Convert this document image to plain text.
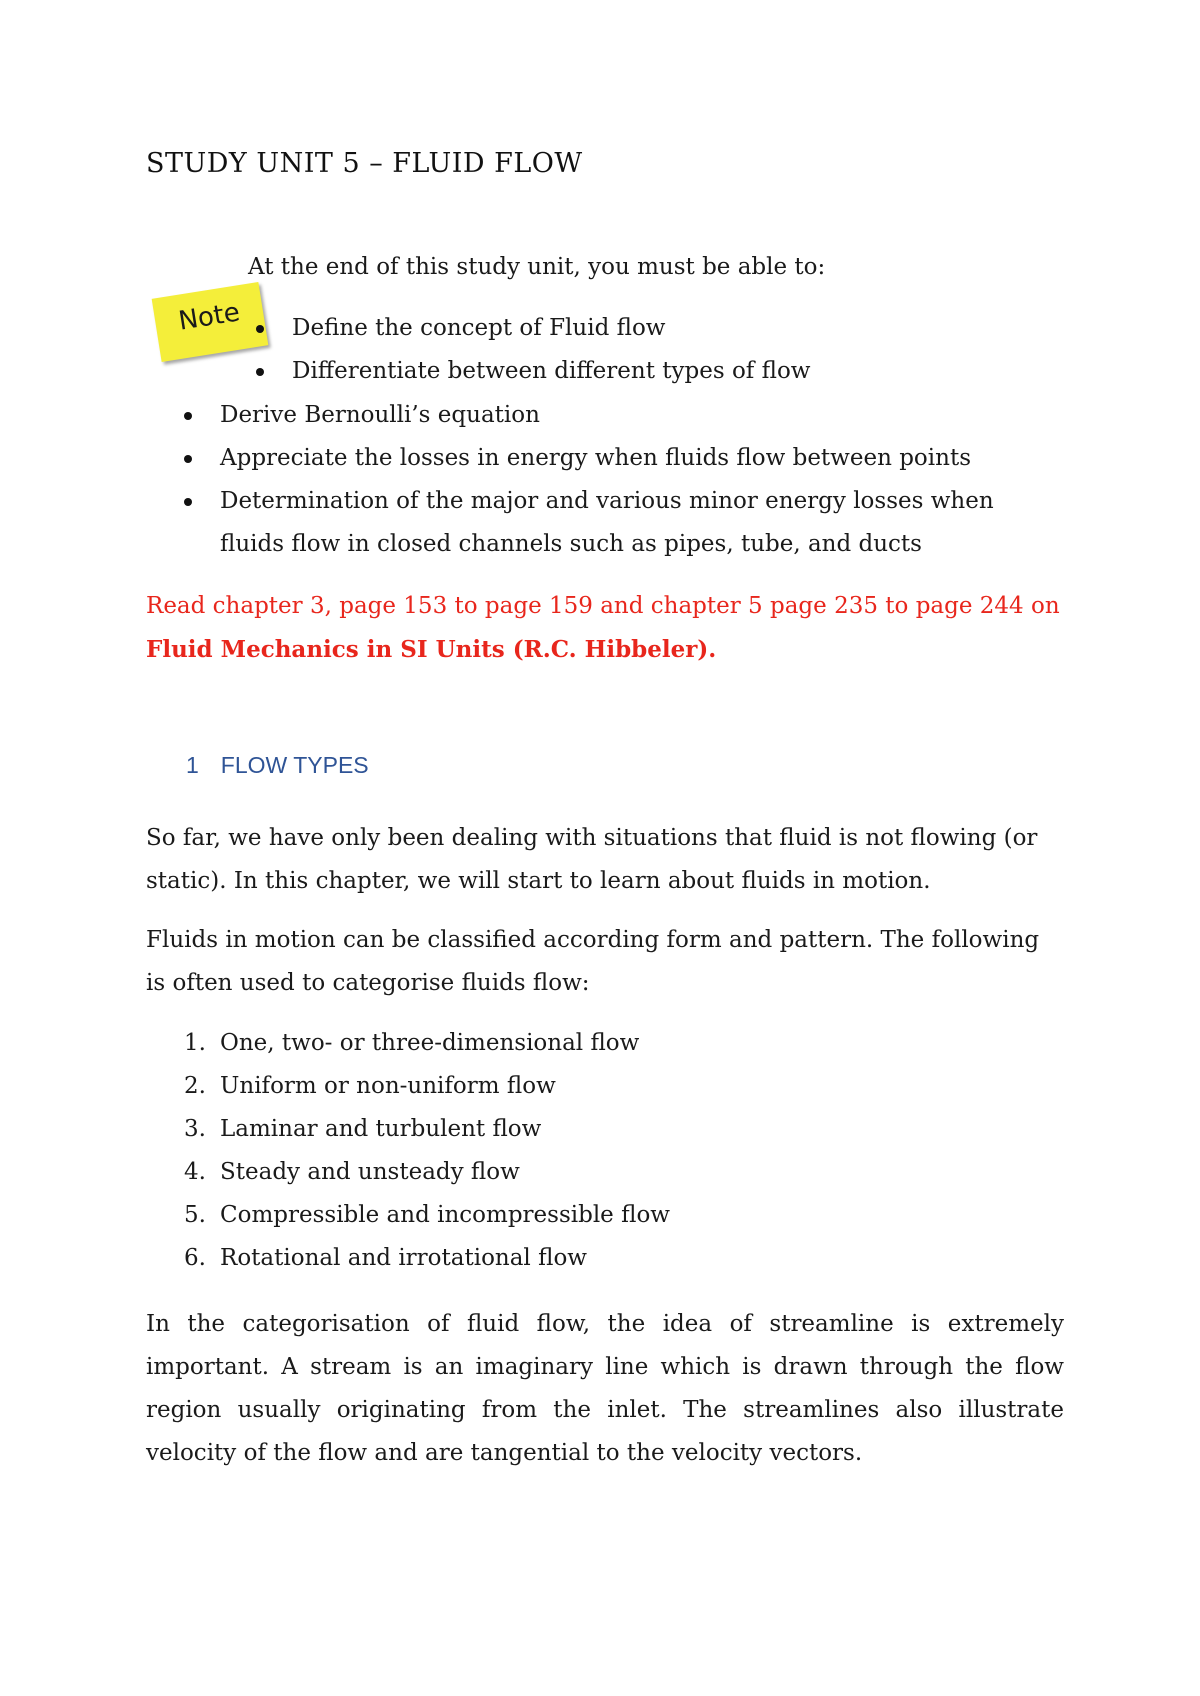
STUDY UNIT 5 – FLUID FLOW
At the end of this study unit, you must be able to:
Note	Define the concept of Fluid flow
Differentiate between different types of flow
Derive Bernoulli’s equation
Appreciate the losses in energy when fluids flow between points
Determination of the major and various minor energy losses when fluids flow in closed channels such as pipes, tube, and ducts
Read chapter 3, page 153 to page 159 and chapter 5 page 235 to page 244 on Fluid Mechanics in SI Units (R.C. Hibbeler).
1 FLOW TYPES
So far, we have only been dealing with situations that fluid is not flowing (or static). In this chapter, we will start to learn about fluids in motion.
Fluids in motion can be classified according form and pattern. The following is often used to categorise fluids flow:
1. One, two- or three-dimensional flow
2. Uniform or non-uniform flow
3. Laminar and turbulent flow
4. Steady and unsteady flow
5. Compressible and incompressible flow
6. Rotational and irrotational flow
In the categorisation of fluid flow, the idea of streamline is extremely important. A stream is an imaginary line which is drawn through the flow region usually originating from the inlet. The streamlines also illustrate velocity of the flow and are tangential to the velocity vectors.
